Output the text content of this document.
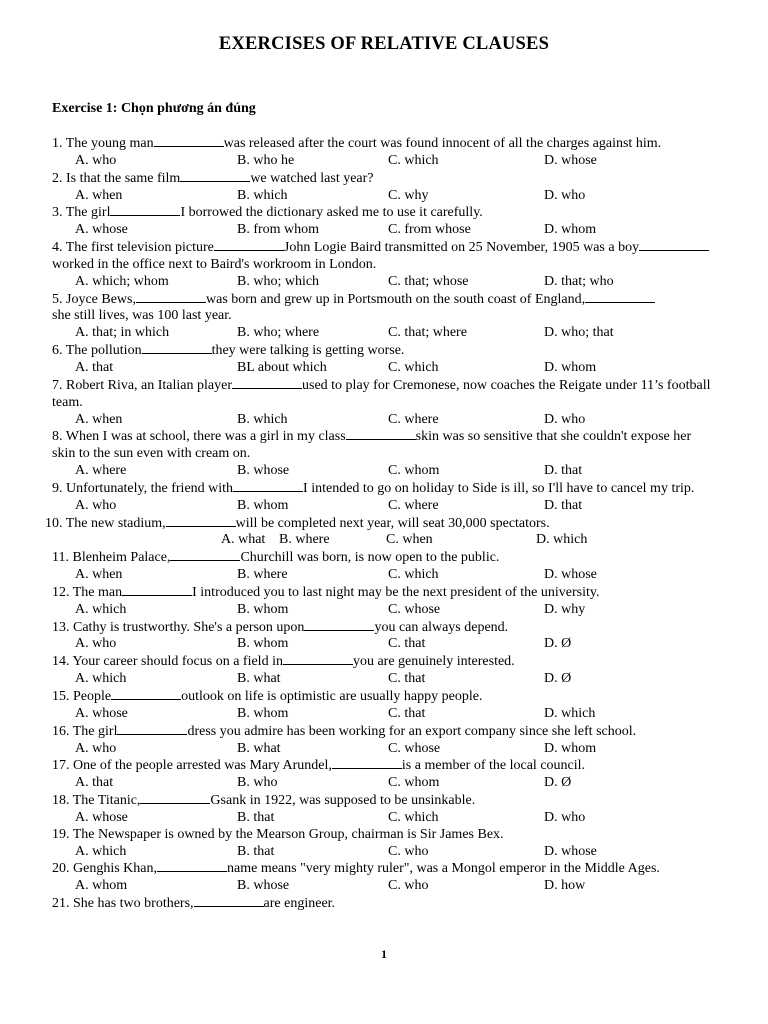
EXERCISES OF RELATIVE CLAUSES
Exercise 1: Chọn phương án đúng
1. The young man	was released after the court was found innocent of all the charges against him.
A. who	B. who he	C. which	D. whose
2. Is that the same film	we watched last year?
A. when	B. which	C. why	D. who
3. The girl	I borrowed the dictionary asked me to use it carefully.
A. whose	B. from whom	C. from whose	D. whom
4. The first television picture	John Logie Baird transmitted on 25 November, 1905 was a boyworked in the office next to Baird's workroom in London.
A. which; whom	B. who; which	C. that; whose	D. that; who
5. Joyce Bews,	was born and grew up in Portsmouth on the south coast of England,
she still lives, was 100 last year.
A. that; in which	B. who; where	C. that; where	D. who; that
6. The pollution	they were talking is getting worse.
A. that	BL about which	C. which	D. whom
7. Robert Riva, an Italian player	used to play for Cremonese, now coaches the Reigate under 11’s football team.
A. when	B. which	C. where	D. who
8. When I was at school, there was a girl in my class	skin was so sensitive that she couldn't expose her skin to the sun even with cream on.
A. where	B. whose	C. whom	D. that
9. Unfortunately, the friend with	I intended to go on holiday to Side is ill, so I'll have to cancel my trip.
A. who	B. whom	C. where	D. that
10. The new stadium,	will be completed next year, will seat 30,000 spectators.
A. what B. where	C. when	D. which
11. Blenheim Palace,	Churchill was born, is now open to the public.
A. when	B. where	C. which	D. whose
12. The man	I introduced you to last night may be the next president of the university.
A. which	B. whom	C. whose	D. why
13. Cathy is trustworthy. She's a person upon	you can always depend.
A. who	B. whom	C. that	D. Ø
14. Your career should focus on a field in	you are genuinely interested.
A. which	B. what	C. that	D. Ø
15. People	outlook on life is optimistic are usually happy people.
A. whose	B. whom	C. that	D. which
16. The girl	dress you admire has been working for an export company since she left school.
A. who	B. what	C. whose	D. whom
17. One of the people arrested was Mary Arundel,	is a member of the local council.
A. that	B. who	C. whom	D. Ø
18. The Titanic,	Gsank in 1922, was supposed to be unsinkable.
A. whose	B. that	C. which	D. who
19. The Newspaper is owned by the Mearson Group, chairman is Sir James Bex.
A. which	B. that	C. who	D. whose
20. Genghis Khan,	name means "very mighty ruler", was a Mongol emperor in the Middle Ages.
A. whom	B. whose	C. who	D. how
21. She has two brothers,	are engineer.
1
